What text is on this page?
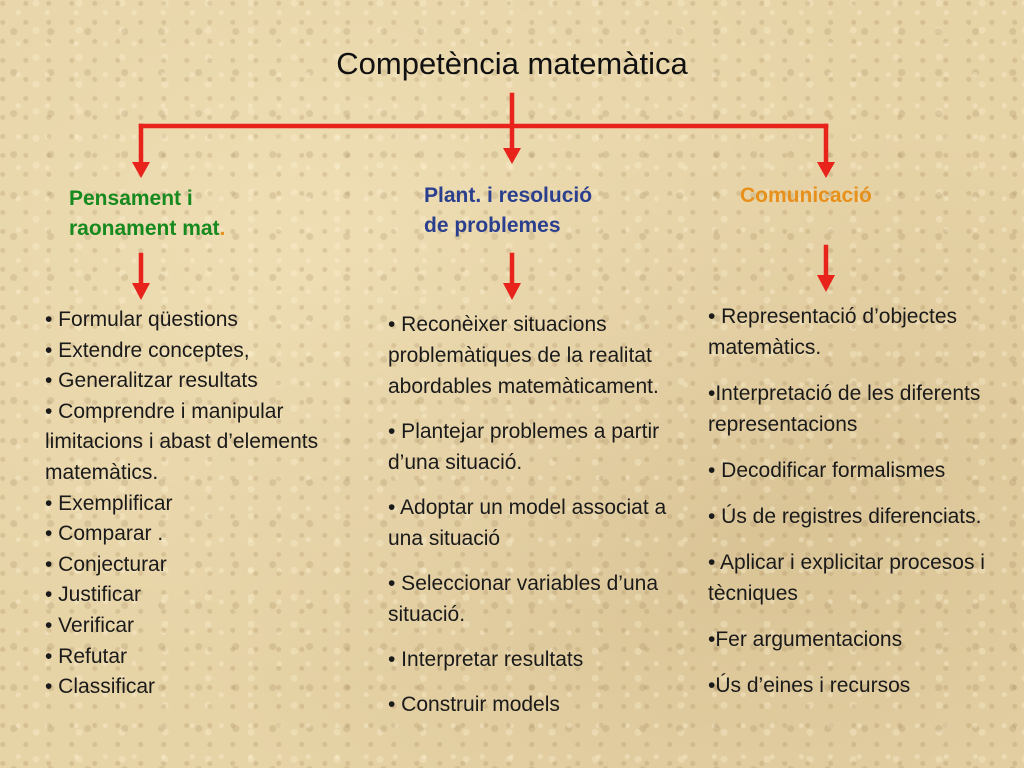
Competència matemàtica
Pensament i
raonament mat.
Plant. i resolució
de problemes
Comunicació
• Formular qüestions
• Extendre conceptes,
• Generalitzar resultats
• Comprendre i manipular limitacions i abast d’elements matemàtics.
• Exemplificar
• Comparar .
• Conjecturar
• Justificar
• Verificar
• Refutar
• Classificar
• Reconèixer situacions problemàtiques de la realitat abordables matemàticament.
• Plantejar problemes a partir d’una situació.
• Adoptar un model associat a una situació
• Seleccionar variables d’una situació.
• Interpretar resultats
• Construir models
• Representació d’objectes matemàtics.
•Interpretació de les diferents representacions
• Decodificar formalismes
• Ús de registres diferenciats.
• Aplicar i explicitar procesos i tècniques
•Fer argumentacions
•Ús d’eines i recursos
